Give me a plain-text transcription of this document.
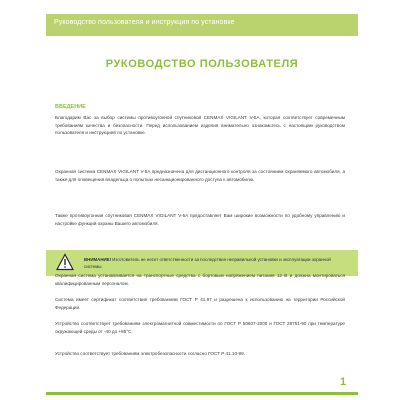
Руководство пользователя и инструкция по установке
РУКОВОДСТВО ПОЛЬЗОВАТЕЛЯ
ВВЕДЕНИЕ

Благодарим Вас за выбор системы противоугонной спутниковой CENMAX VIGILANT V-5A, которая соответствует современным требованиям качества и безопасности. Перед использованием изделия внимательно ознакомьтесь с настоящим руководством пользователя и инструкцией по установке.

Охранная система CENMAX VIGILANT V-5A предназначена для дистанционного контроля за состоянием охраняемого автомобиля, а также для оповещения владельца о попытках несанкционированного доступа к автомобилю.

Также противоугонная спутниковая CENMAX VIGILANT V-5A предоставляет Вам широкие возможности по удобному управлению и настройке функций охраны Вашего автомобиля.

ВНИМАНИЕ! Изготовитель не несет ответственности за последствия неправильной установки и эксплуатации охранной системы.

Охранная система устанавливается на транспортные средства с бортовым напряжением питания 12 В и должна монтироваться квалифицированным персоналом.

Система имеет сертификат соответствия требованиям ГОСТ Р 41.97 и разрешена к использованию на территории Российской Федерации.

Устройство соответствует требованиям электромагнитной совместимости по ГОСТ Р 50607-2000 и ГОСТ 28751-90 при температуре окружающей среды от -40 до +85°С.

Устройство соответствует требованиям электробезопасности согласно ГОСТ Р 41.10-99.

1
